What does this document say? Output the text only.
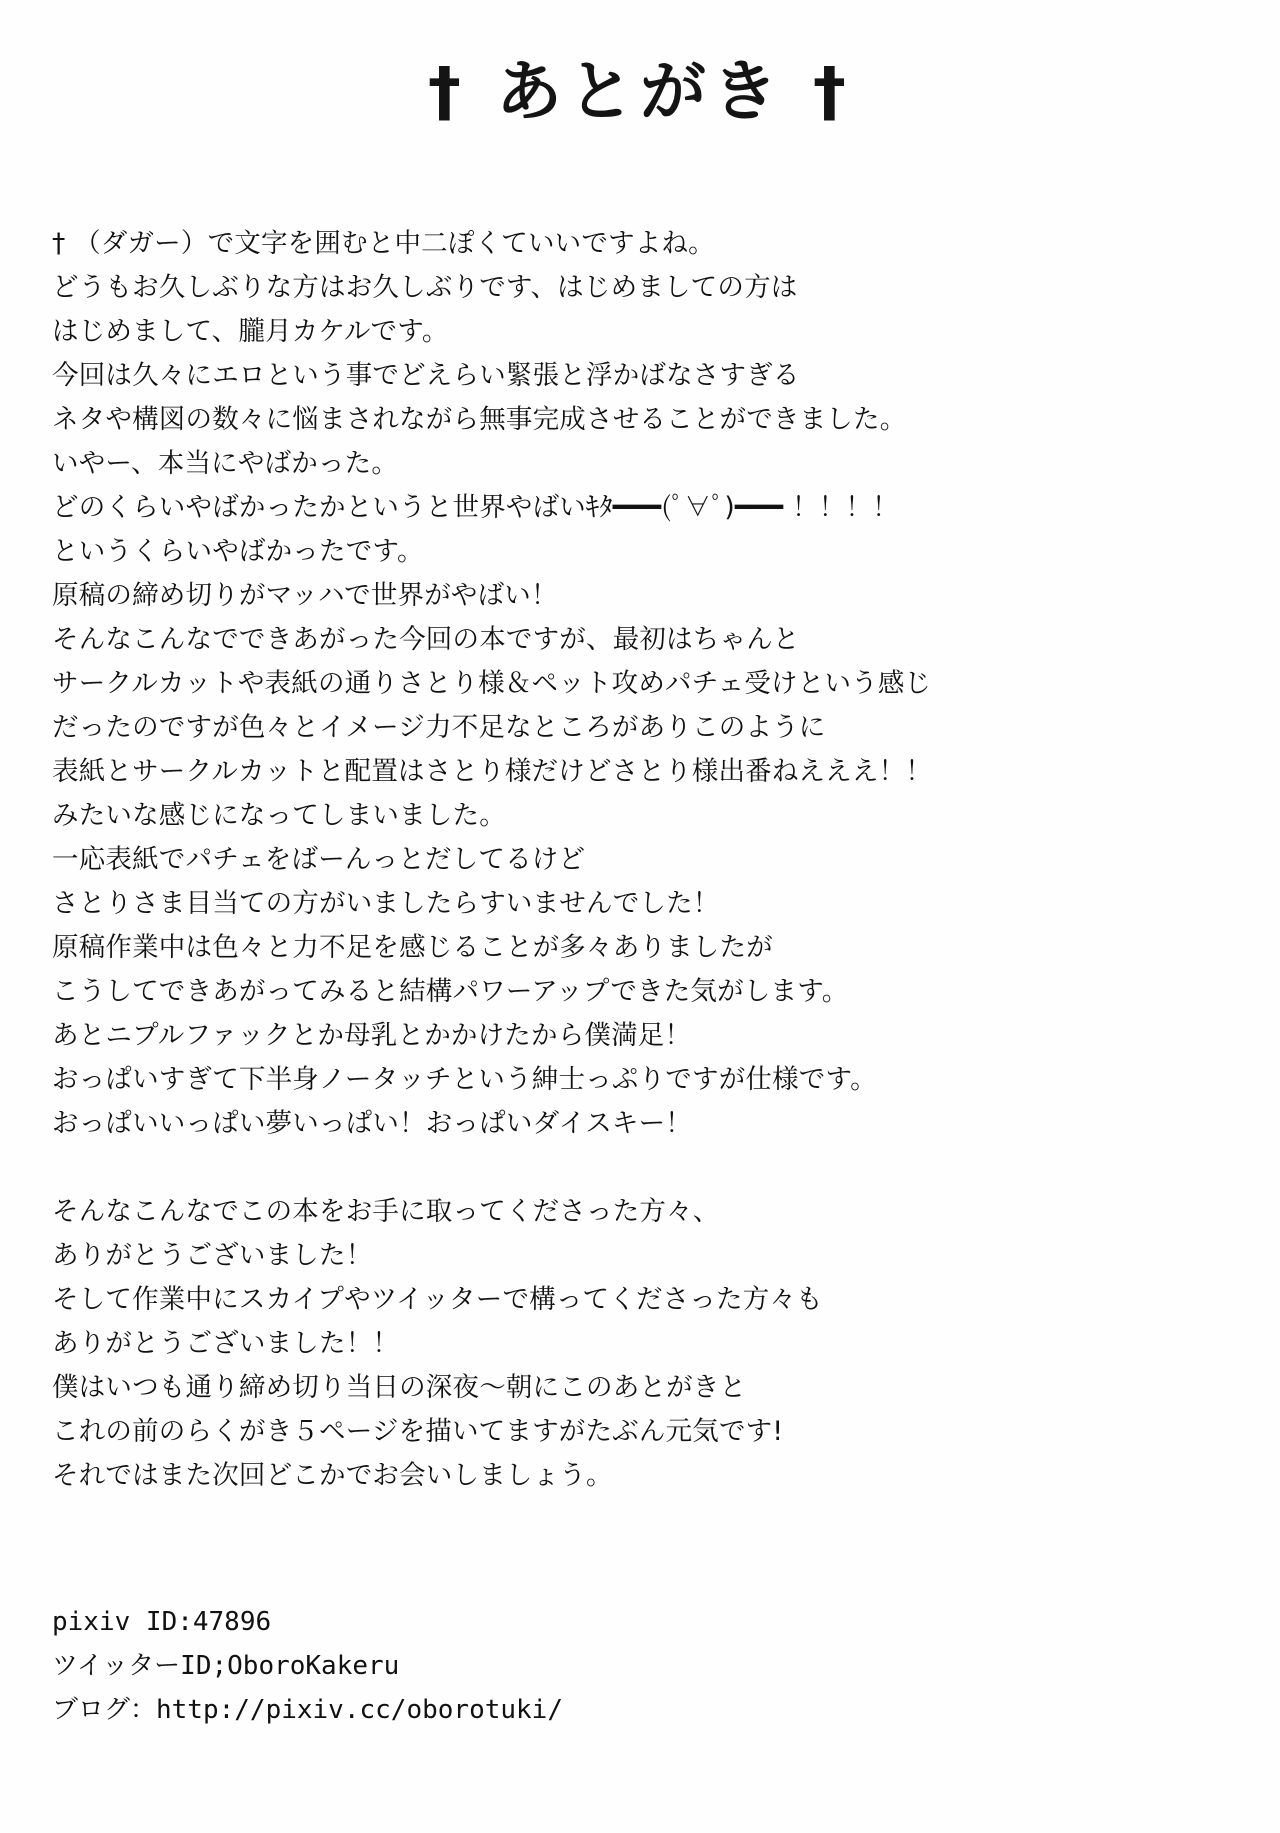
† あとがき †
† （ダガー）で文字を囲むと中二ぽくていいですよね。
どうもお久しぶりな方はお久しぶりです、はじめましての方は
はじめまして、朧月カケルです。
今回は久々にエロという事でどえらい緊張と浮かばなさすぎる
ネタや構図の数々に悩まされながら無事完成させることができました。
いやー、本当にやばかった。
どのくらいやばかったかというと世界やばいｷﾀ━━━(ﾟ∀ﾟ)━━━ ！！！！
というくらいやばかったです。
原稿の締め切りがマッハで世界がやばい！
そんなこんなでできあがった今回の本ですが、最初はちゃんと
サークルカットや表紙の通りさとり様＆ペット攻めパチェ受けという感じ
だったのですが色々とイメージ力不足なところがありこのように
表紙とサークルカットと配置はさとり様だけどさとり様出番ねえええ！！
みたいな感じになってしまいました。
一応表紙でパチェをばーんっとだしてるけど
さとりさま目当ての方がいましたらすいませんでした！
原稿作業中は色々と力不足を感じることが多々ありましたが
こうしてできあがってみると結構パワーアップできた気がします。
あとニプルファックとか母乳とかかけたから僕満足！
おっぱいすぎて下半身ノータッチという紳士っぷりですが仕様です。
おっぱいいっぱい夢いっぱい！おっぱいダイスキー！
そんなこんなでこの本をお手に取ってくださった方々、
ありがとうございました！
そして作業中にスカイプやツイッターで構ってくださった方々も
ありがとうございました！！
僕はいつも通り締め切り当日の深夜〜朝にこのあとがきと
これの前のらくがき５ページを描いてますがたぶん元気です!
それではまた次回どこかでお会いしましょう。
pixiv ID:47896
ツイッターID;OboroKakeru
ブログ：http://pixiv.cc/oborotuki/
